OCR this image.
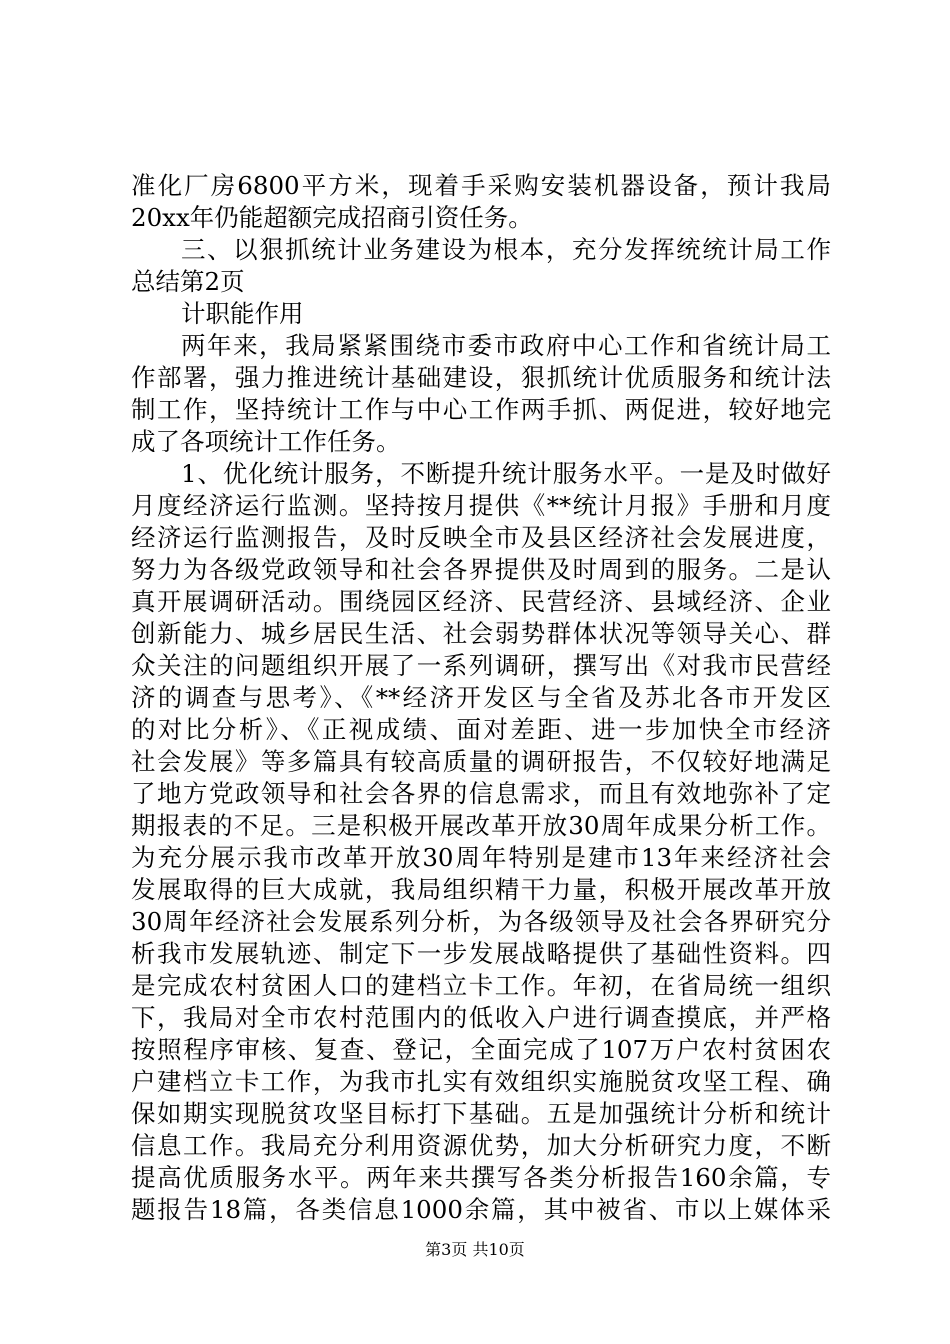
准化厂房6800平方米，现着手采购安装机器设备，预计我局
20xx年仍能超额完成招商引资任务。
三、以狠抓统计业务建设为根本，充分发挥统统计局工作
总结第2页
计职能作用
两年来，我局紧紧围绕市委市政府中心工作和省统计局工
作部署，强力推进统计基础建设，狠抓统计优质服务和统计法
制工作，坚持统计工作与中心工作两手抓、两促进，较好地完
成了各项统计工作任务。
1、优化统计服务，不断提升统计服务水平。一是及时做好
月度经济运行监测。坚持按月提供《**统计月报》手册和月度
经济运行监测报告，及时反映全市及县区经济社会发展进度，
努力为各级党政领导和社会各界提供及时周到的服务。二是认
真开展调研活动。围绕园区经济、民营经济、县域经济、企业
创新能力、城乡居民生活、社会弱势群体状况等领导关心、群
众关注的问题组织开展了一系列调研，撰写出《对我市民营经
济的调查与思考》、《**经济开发区与全省及苏北各市开发区
的对比分析》、《正视成绩、面对差距、进一步加快全市经济
社会发展》等多篇具有较高质量的调研报告，不仅较好地满足
了地方党政领导和社会各界的信息需求，而且有效地弥补了定
期报表的不足。三是积极开展改革开放30周年成果分析工作。
为充分展示我市改革开放30周年特别是建市13年来经济社会
发展取得的巨大成就，我局组织精干力量，积极开展改革开放
30周年经济社会发展系列分析，为各级领导及社会各界研究分
析我市发展轨迹、制定下一步发展战略提供了基础性资料。四
是完成农村贫困人口的建档立卡工作。年初，在省局统一组织
下，我局对全市农村范围内的低收入户进行调查摸底，并严格
按照程序审核、复查、登记，全面完成了107万户农村贫困农
户建档立卡工作，为我市扎实有效组织实施脱贫攻坚工程、确
保如期实现脱贫攻坚目标打下基础。五是加强统计分析和统计
信息工作。我局充分利用资源优势，加大分析研究力度，不断
提高优质服务水平。两年来共撰写各类分析报告160余篇，专
题报告18篇，各类信息1000余篇，其中被省、市以上媒体采
第3页 共10页
